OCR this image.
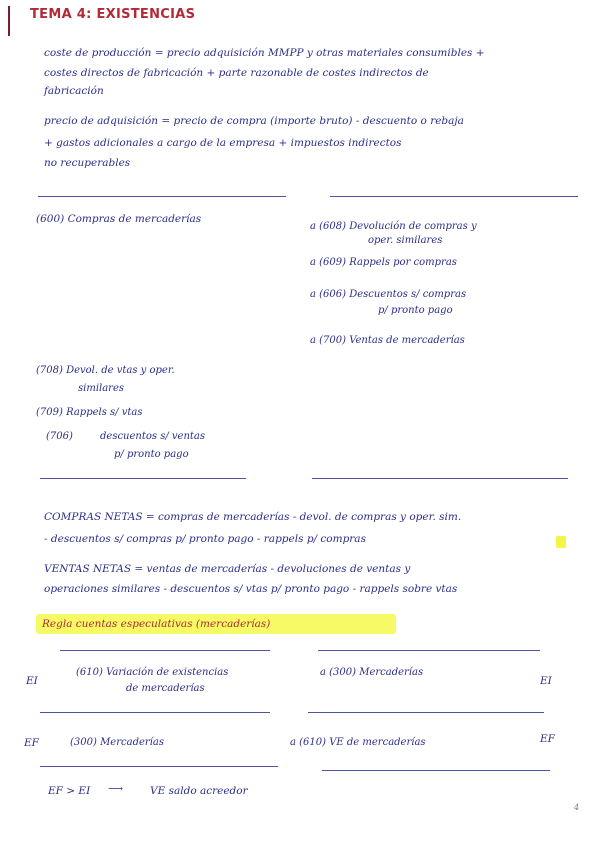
TEMA 4: EXISTENCIAS
coste de producción = precio adquisición MMPP y otras materiales consumibles +
costes directos de fabricación + parte razonable de costes indirectos de
fabricación
precio de adquisición = precio de compra (importe bruto) - descuento o rebaja
+ gastos adicionales a cargo de la empresa + impuestos indirectos
no recuperables
(600) Compras de mercaderías
a (608) Devolución de compras y
oper. similares
a (609) Rappels por compras
a (606) Descuentos s/ compras
p/ pronto pago
a (700) Ventas de mercaderías
(708) Devol. de vtas y oper.
similares
(709) Rappels s/ vtas
(706)	descuentos s/ ventas
p/ pronto pago
COMPRAS NETAS = compras de mercaderías - devol. de compras y oper. sim.
- descuentos s/ compras p/ pronto pago - rappels p/ compras
VENTAS NETAS = ventas de mercaderías - devoluciones de ventas y
operaciones similares - descuentos s/ vtas p/ pronto pago - rappels sobre vtas
Regla cuentas especulativas (mercaderías)
EI
(610) Variación de existencias
de mercaderías
a (300) Mercaderías
EI
EF	(300) Mercaderías	a (610) VE de mercaderías	EF
EF > EI ⟶	VE saldo acreedor
4
